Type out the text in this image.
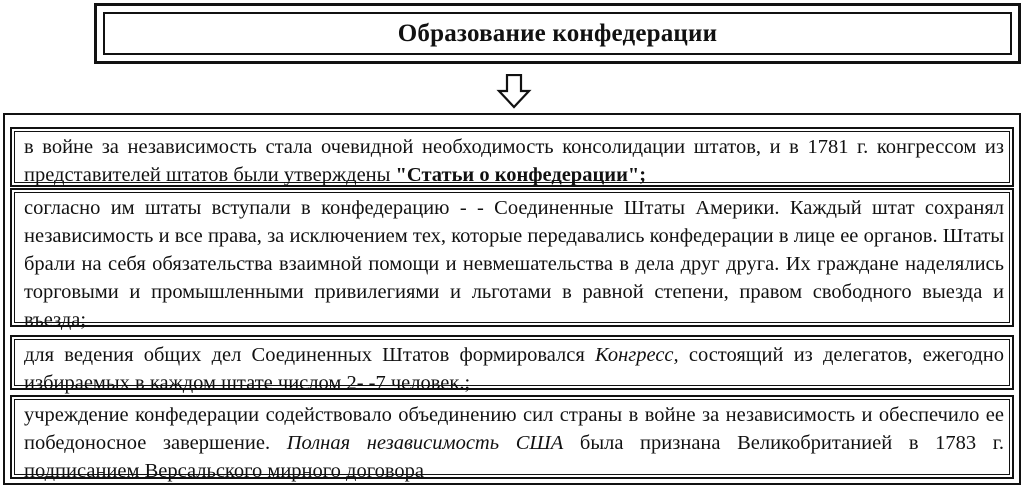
Образование конфедерации

в войне за независимость стала очевидной необходимость консолидации штатов, и в 1781 г. конгрессом из представителей штатов были утверждены "Статьи о конфедерации";

согласно им штаты вступали в конфедерацию - - Соединенные Штаты Америки. Каждый штат сохранял независимость и все права, за исключением тех, которые передавались конфедерации в лице ее органов. Штаты брали на себя обязательства взаимной помощи и невмешательства в дела друг друга. Их граждане наделялись торговыми и промышленными привилегиями и льготами в равной степени, правом свободного выезда и въезда;

для ведения общих дел Соединенных Штатов формировался Конгресс, состоящий из делегатов, ежегодно избираемых в каждом штате числом 2- -7 человек.;

учреждение конфедерации содействовало объединению сил страны в войне за независимость и обеспечило ее победоносное завершение. Полная независимость США была признана Великобританией в 1783 г. подписанием Версальского мирного договора
